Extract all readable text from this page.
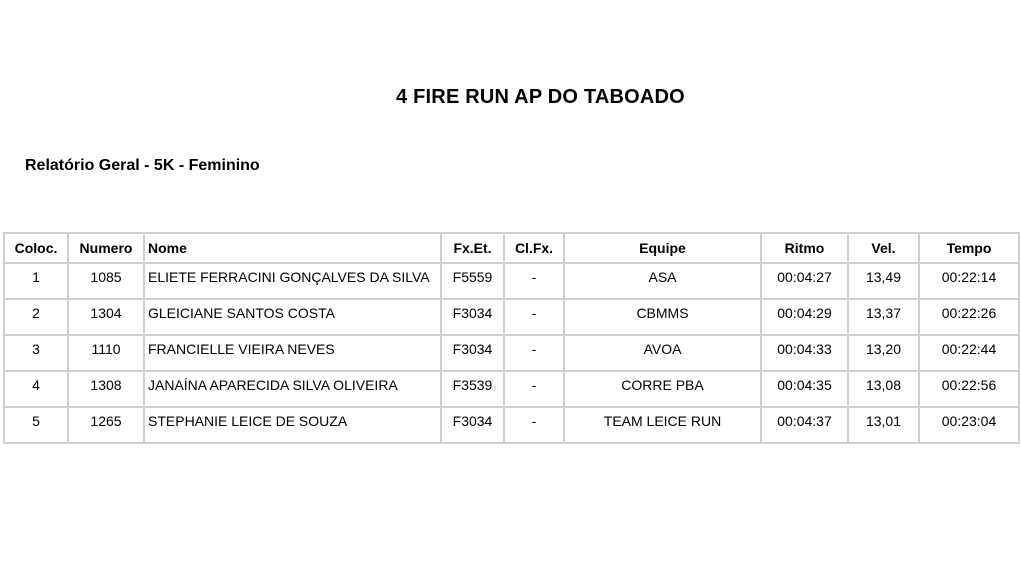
4 FIRE RUN AP DO TABOADO
Relatório Geral - 5K - Feminino
Coloc.	Numero	Nome	Fx.Et.	Cl.Fx.	Equipe	Ritmo	Vel.	Tempo
1	1085	ELIETE FERRACINI GONÇALVES DA SILVA	F5559	-	ASA	00:04:27	13,49	00:22:14
2	1304	GLEICIANE SANTOS COSTA	F3034	-	CBMMS	00:04:29	13,37	00:22:26
3	1110	FRANCIELLE VIEIRA NEVES	F3034	-	AVOA	00:04:33	13,20	00:22:44
4	1308	JANAÍNA APARECIDA SILVA OLIVEIRA	F3539	-	CORRE PBA	00:04:35	13,08	00:22:56
5	1265	STEPHANIE LEICE DE SOUZA	F3034	-	TEAM LEICE RUN	00:04:37	13,01	00:23:04
